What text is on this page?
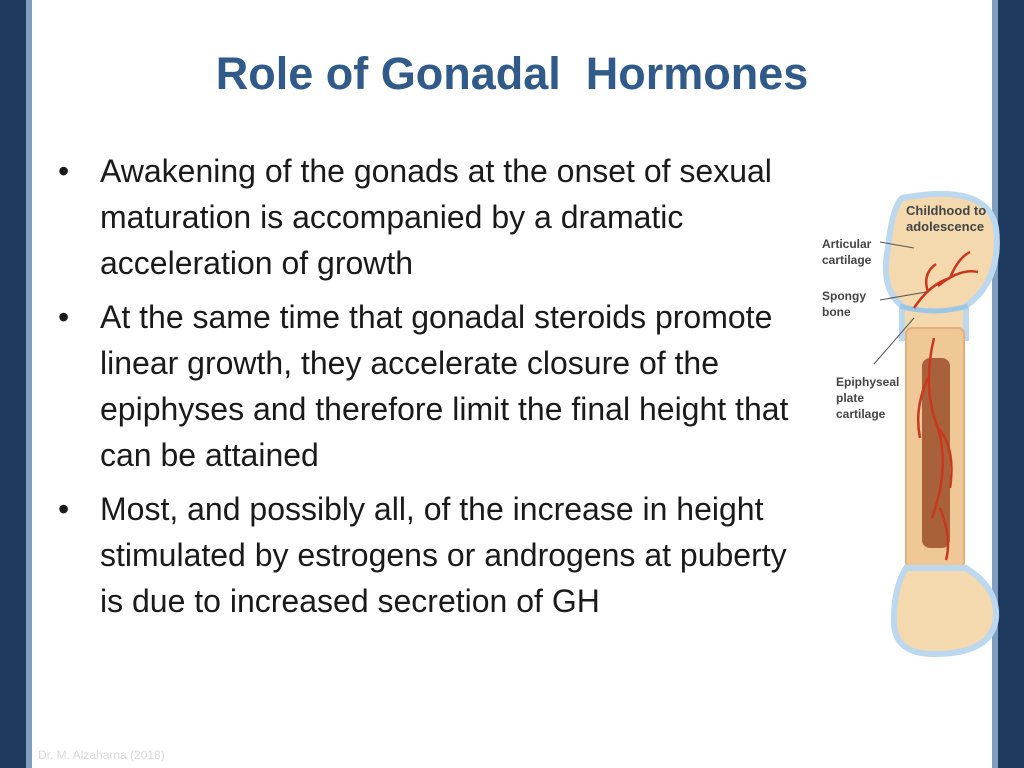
Role of Gonadal  Hormones
• Awakening of the gonads at the onset of sexual maturation is accompanied by a dramatic acceleration of growth
• At the same time that gonadal steroids promote linear growth, they accelerate closure of the epiphyses and therefore limit the final height that can be attained
• Most, and possibly all, of the increase in height stimulated by estrogens or androgens at puberty is due to increased secretion of GH
Childhood to
adolescence
Articular
cartilage
Spongy
bone
Epiphyseal
plate
cartilage
Dr. M. Alzaharna (2018)
